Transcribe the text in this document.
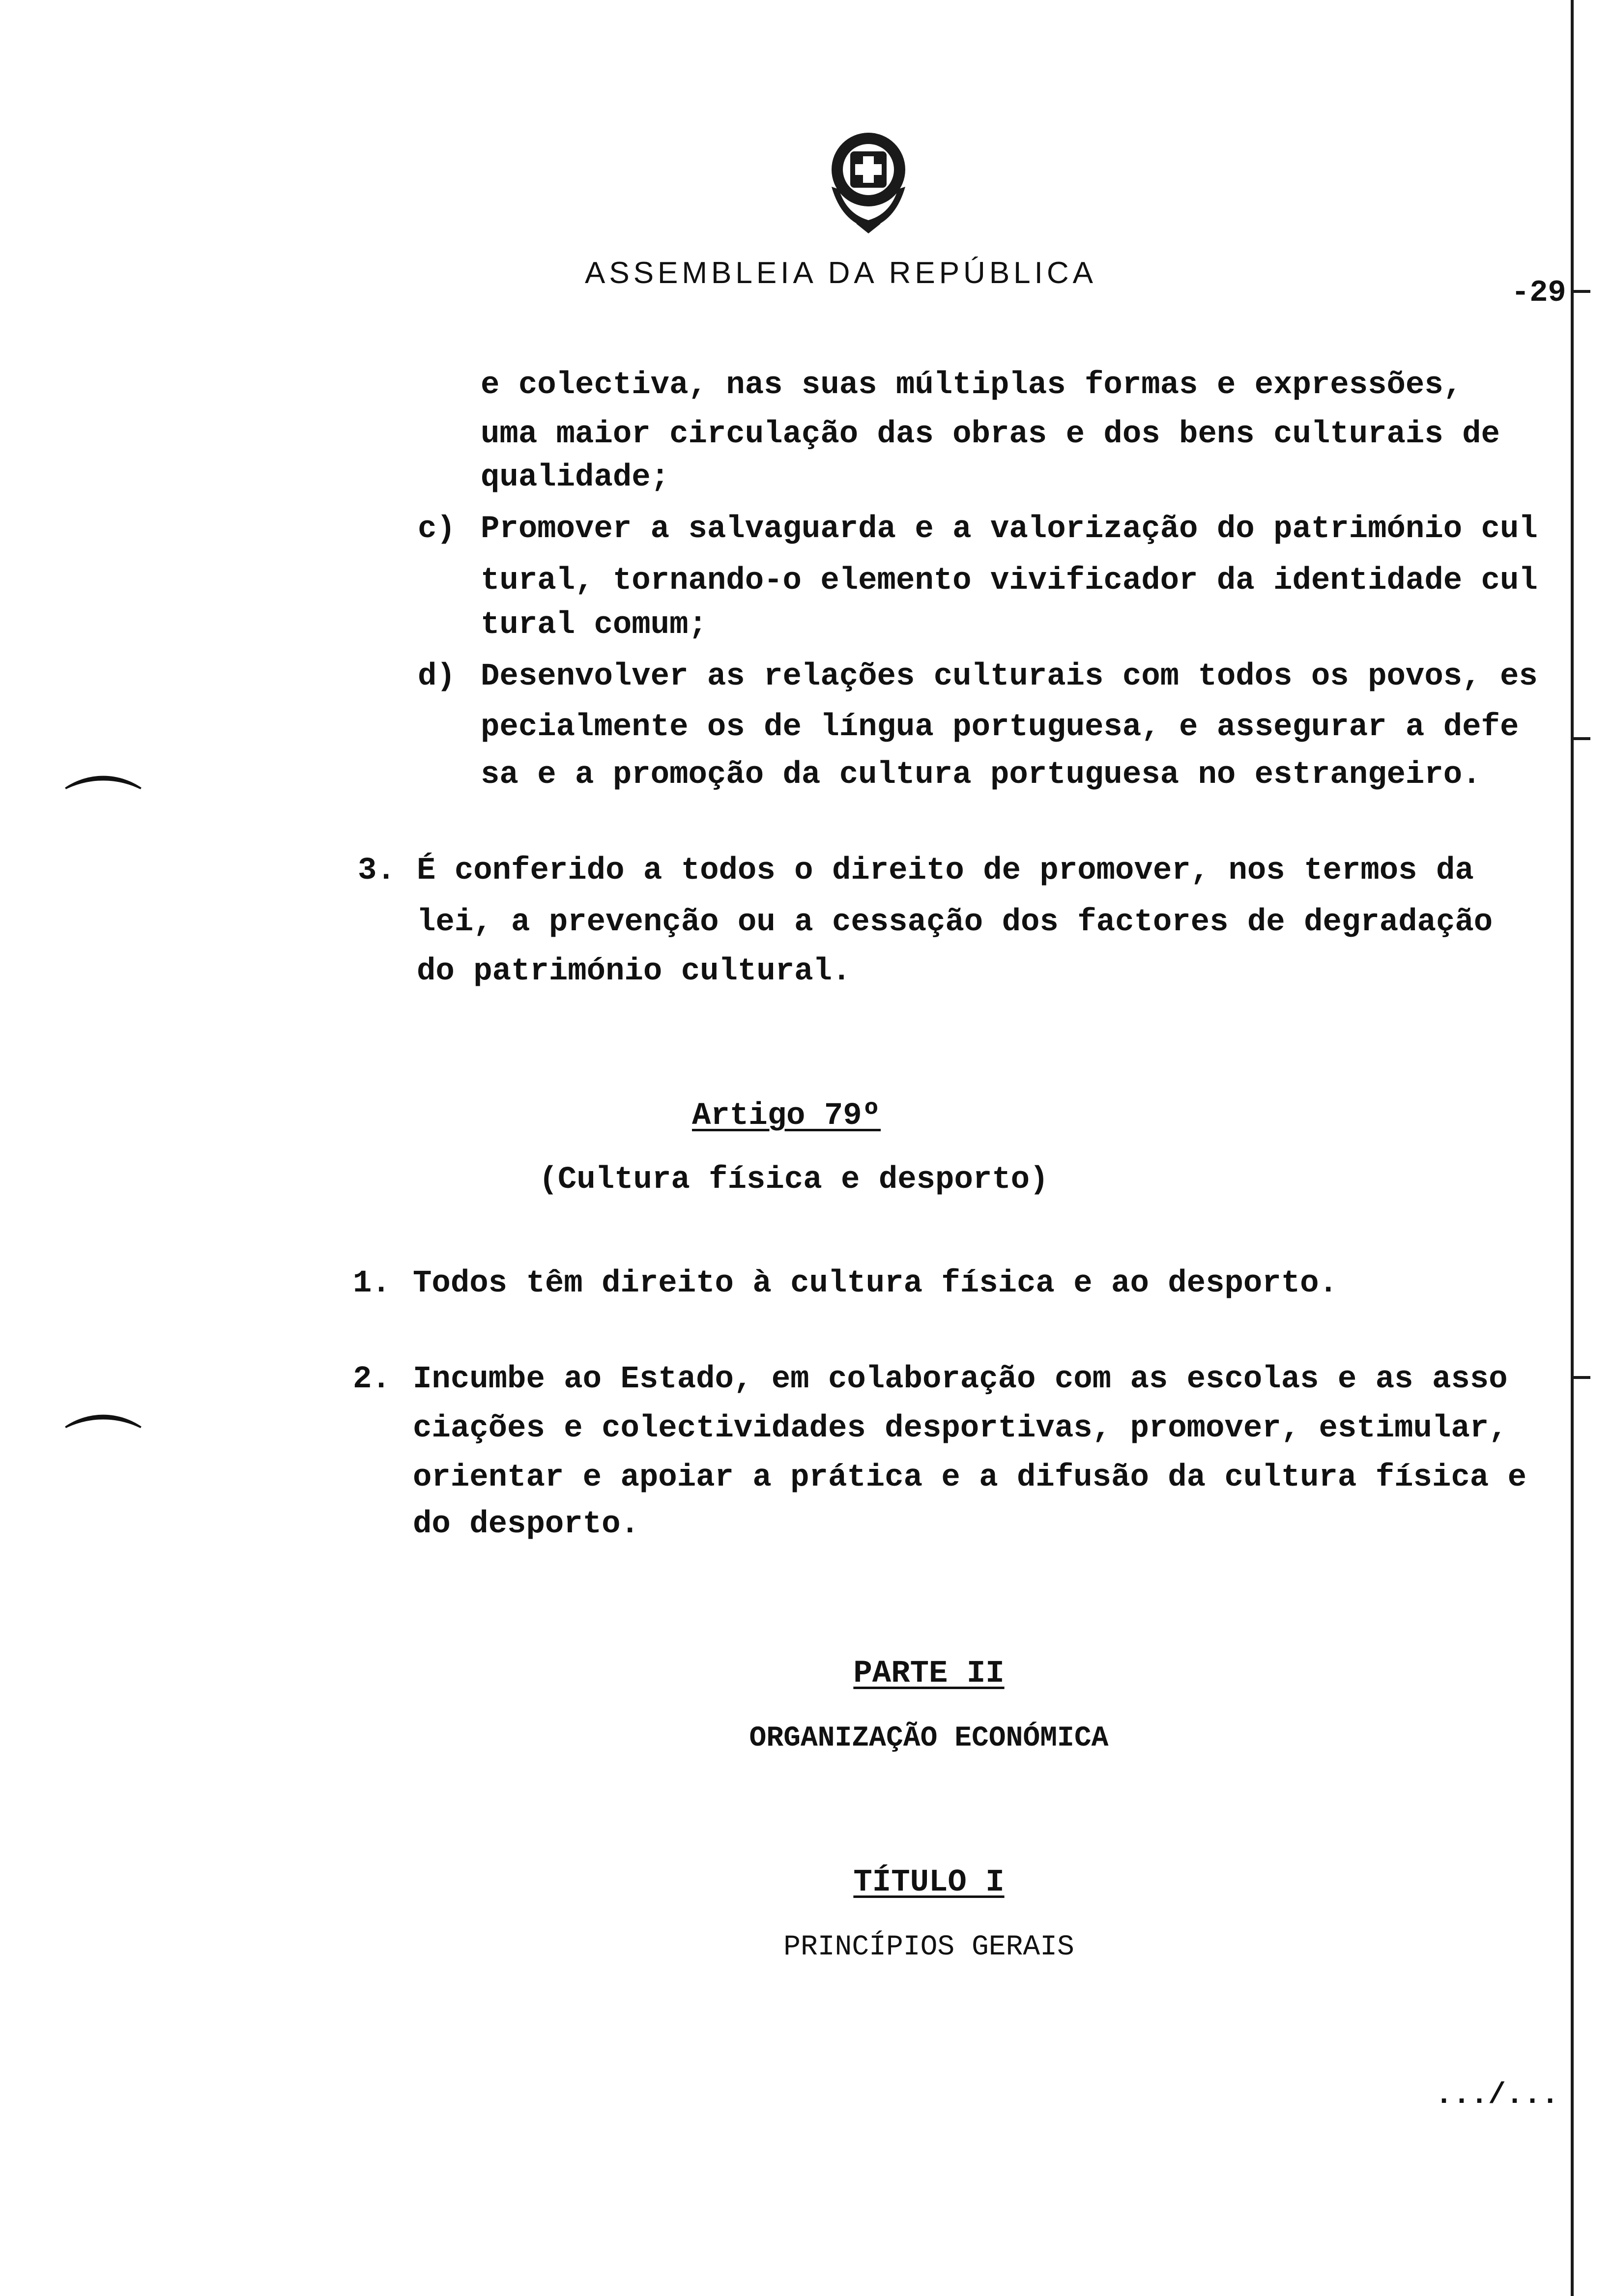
⌒
⌒
ASSEMBLEIA DA REPÚBLICA
-29
e colectiva, nas suas múltiplas formas e expressões,
uma maior circulação das obras e dos bens culturais de
qualidade;
c) Promover a salvaguarda e a valorização do património cul
tural, tornando-o elemento vivificador da identidade cul
tural comum;
d) Desenvolver as relações culturais com todos os povos, es
pecialmente os de língua portuguesa, e assegurar a defe
sa e a promoção da cultura portuguesa no estrangeiro.
3. É conferido a todos o direito de promover, nos termos da
lei, a prevenção ou a cessação dos factores de degradação
do património cultural.
Artigo 79º
(Cultura física e desporto)
1. Todos têm direito à cultura física e ao desporto.
2. Incumbe ao Estado, em colaboração com as escolas e as asso
ciações e colectividades desportivas, promover, estimular,
orientar e apoiar a prática e a difusão da cultura física e
do desporto.
PARTE II
ORGANIZAÇÃO ECONÓMICA
TÍTULO I
PRINCÍPIOS GERAIS
.../...
